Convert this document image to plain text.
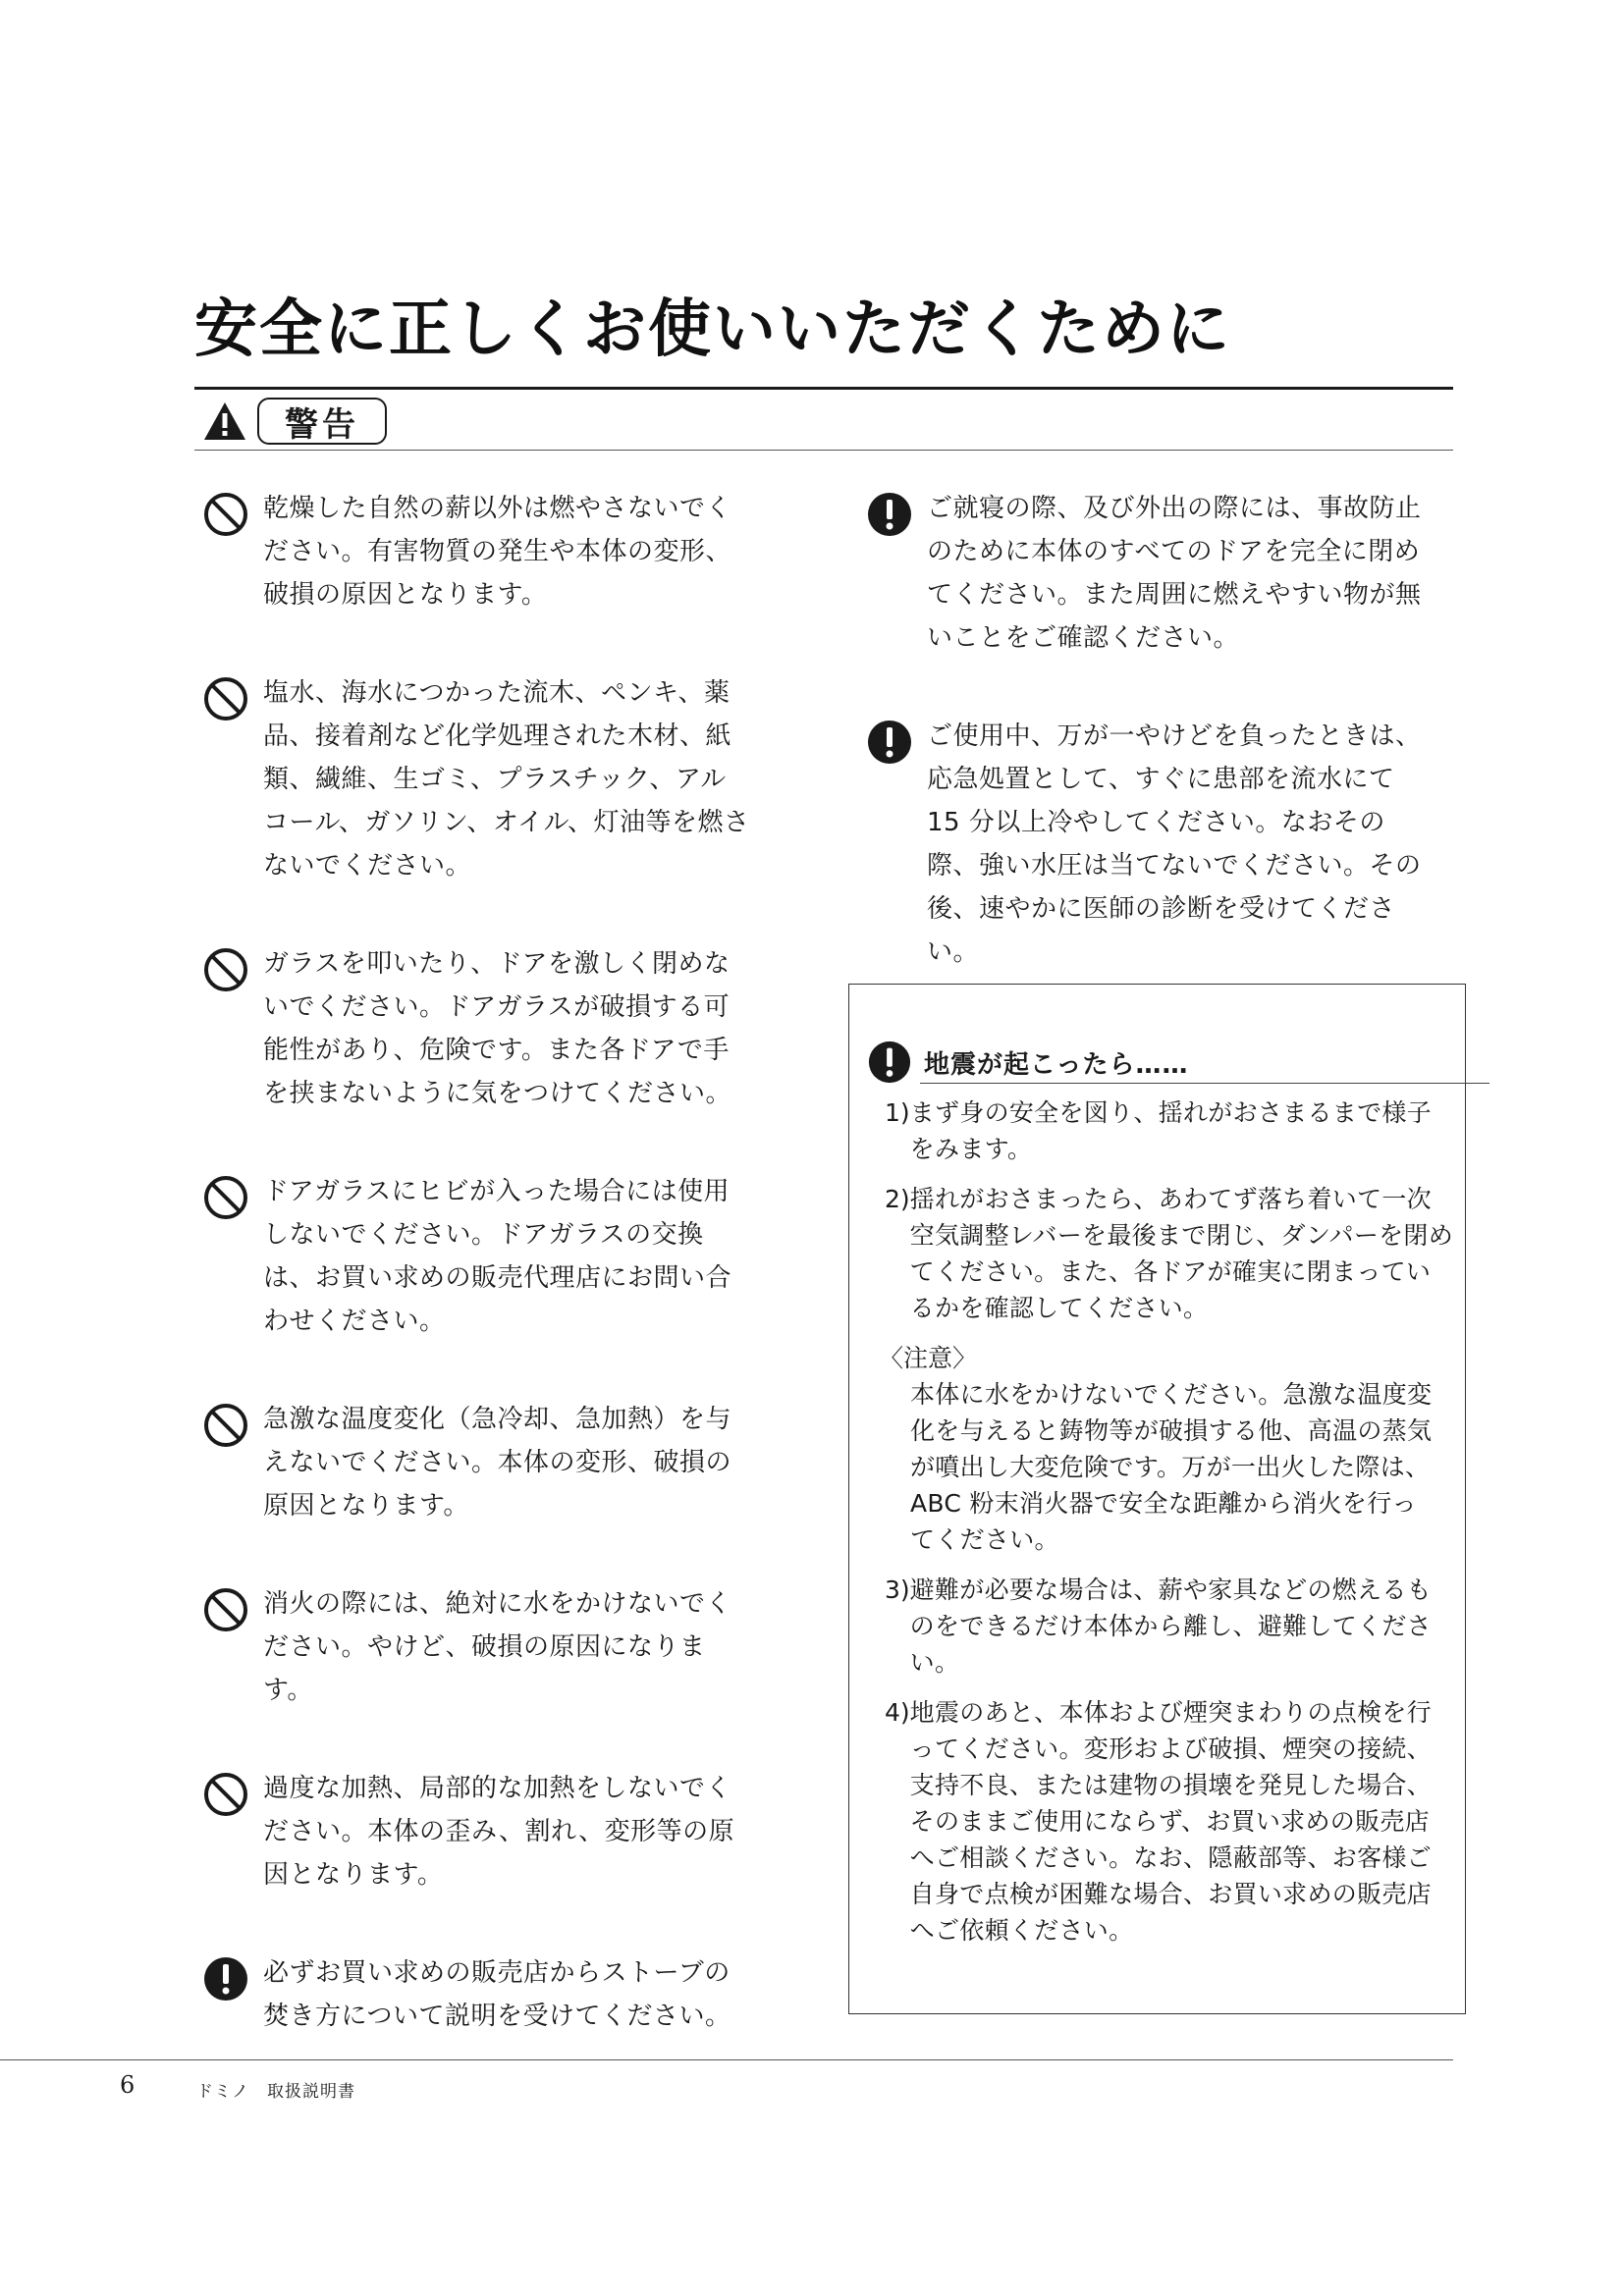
安全に正しくお使いいただくために
警告

乾燥した自然の薪以外は燃やさないでください。有害物質の発生や本体の変形、破損の原因となります。

塩水、海水につかった流木、ペンキ、薬品、接着剤など化学処理された木材、紙類、繊維、生ゴミ、プラスチック、アルコール、ガソリン、オイル、灯油等を燃さないでください。

ガラスを叩いたり、ドアを激しく閉めないでください。ドアガラスが破損する可能性があり、危険です。また各ドアで手を挟まないように気をつけてください。

ドアガラスにヒビが入った場合には使用しないでください。ドアガラスの交換は、お買い求めの販売代理店にお問い合わせください。

急激な温度変化（急冷却、急加熱）を与えないでください。本体の変形、破損の原因となります。

消火の際には、絶対に水をかけないでください。やけど、破損の原因になります。

過度な加熱、局部的な加熱をしないでください。本体の歪み、割れ、変形等の原因となります。

必ずお買い求めの販売店からストーブの焚き方について説明を受けてください。

ご就寝の際、及び外出の際には、事故防止のために本体のすべてのドアを完全に閉めてください。また周囲に燃えやすい物が無いことをご確認ください。

ご使用中、万が一やけどを負ったときは、応急処置として、すぐに患部を流水にて15 分以上冷やしてください。なおその際、強い水圧は当てないでください。その後、速やかに医師の診断を受けてください。

地震が起こったら……
1) まず身の安全を図り、揺れがおさまるまで様子をみます。
2) 揺れがおさまったら、あわてず落ち着いて一次空気調整レバーを最後まで閉じ、ダンパーを閉めてください。また、各ドアが確実に閉まっているかを確認してください。
〈注意〉

本体に水をかけないでください。急激な温度変化を与えると鋳物等が破損する他、高温の蒸気が噴出し大変危険です。万が一出火した際は、ABC 粉末消火器で安全な距離から消火を行ってください。

3) 避難が必要な場合は、薪や家具などの燃えるものをできるだけ本体から離し、避難してください。
4) 地震のあと、本体および煙突まわりの点検を行ってください。変形および破損、煙突の接続、支持不良、または建物の損壊を発見した場合、そのままご使用にならず、お買い求めの販売店へご相談ください。なお、隠蔽部等、お客様ご自身で点検が困難な場合、お買い求めの販売店へご依頼ください。
6	ドミノ　取扱説明書
